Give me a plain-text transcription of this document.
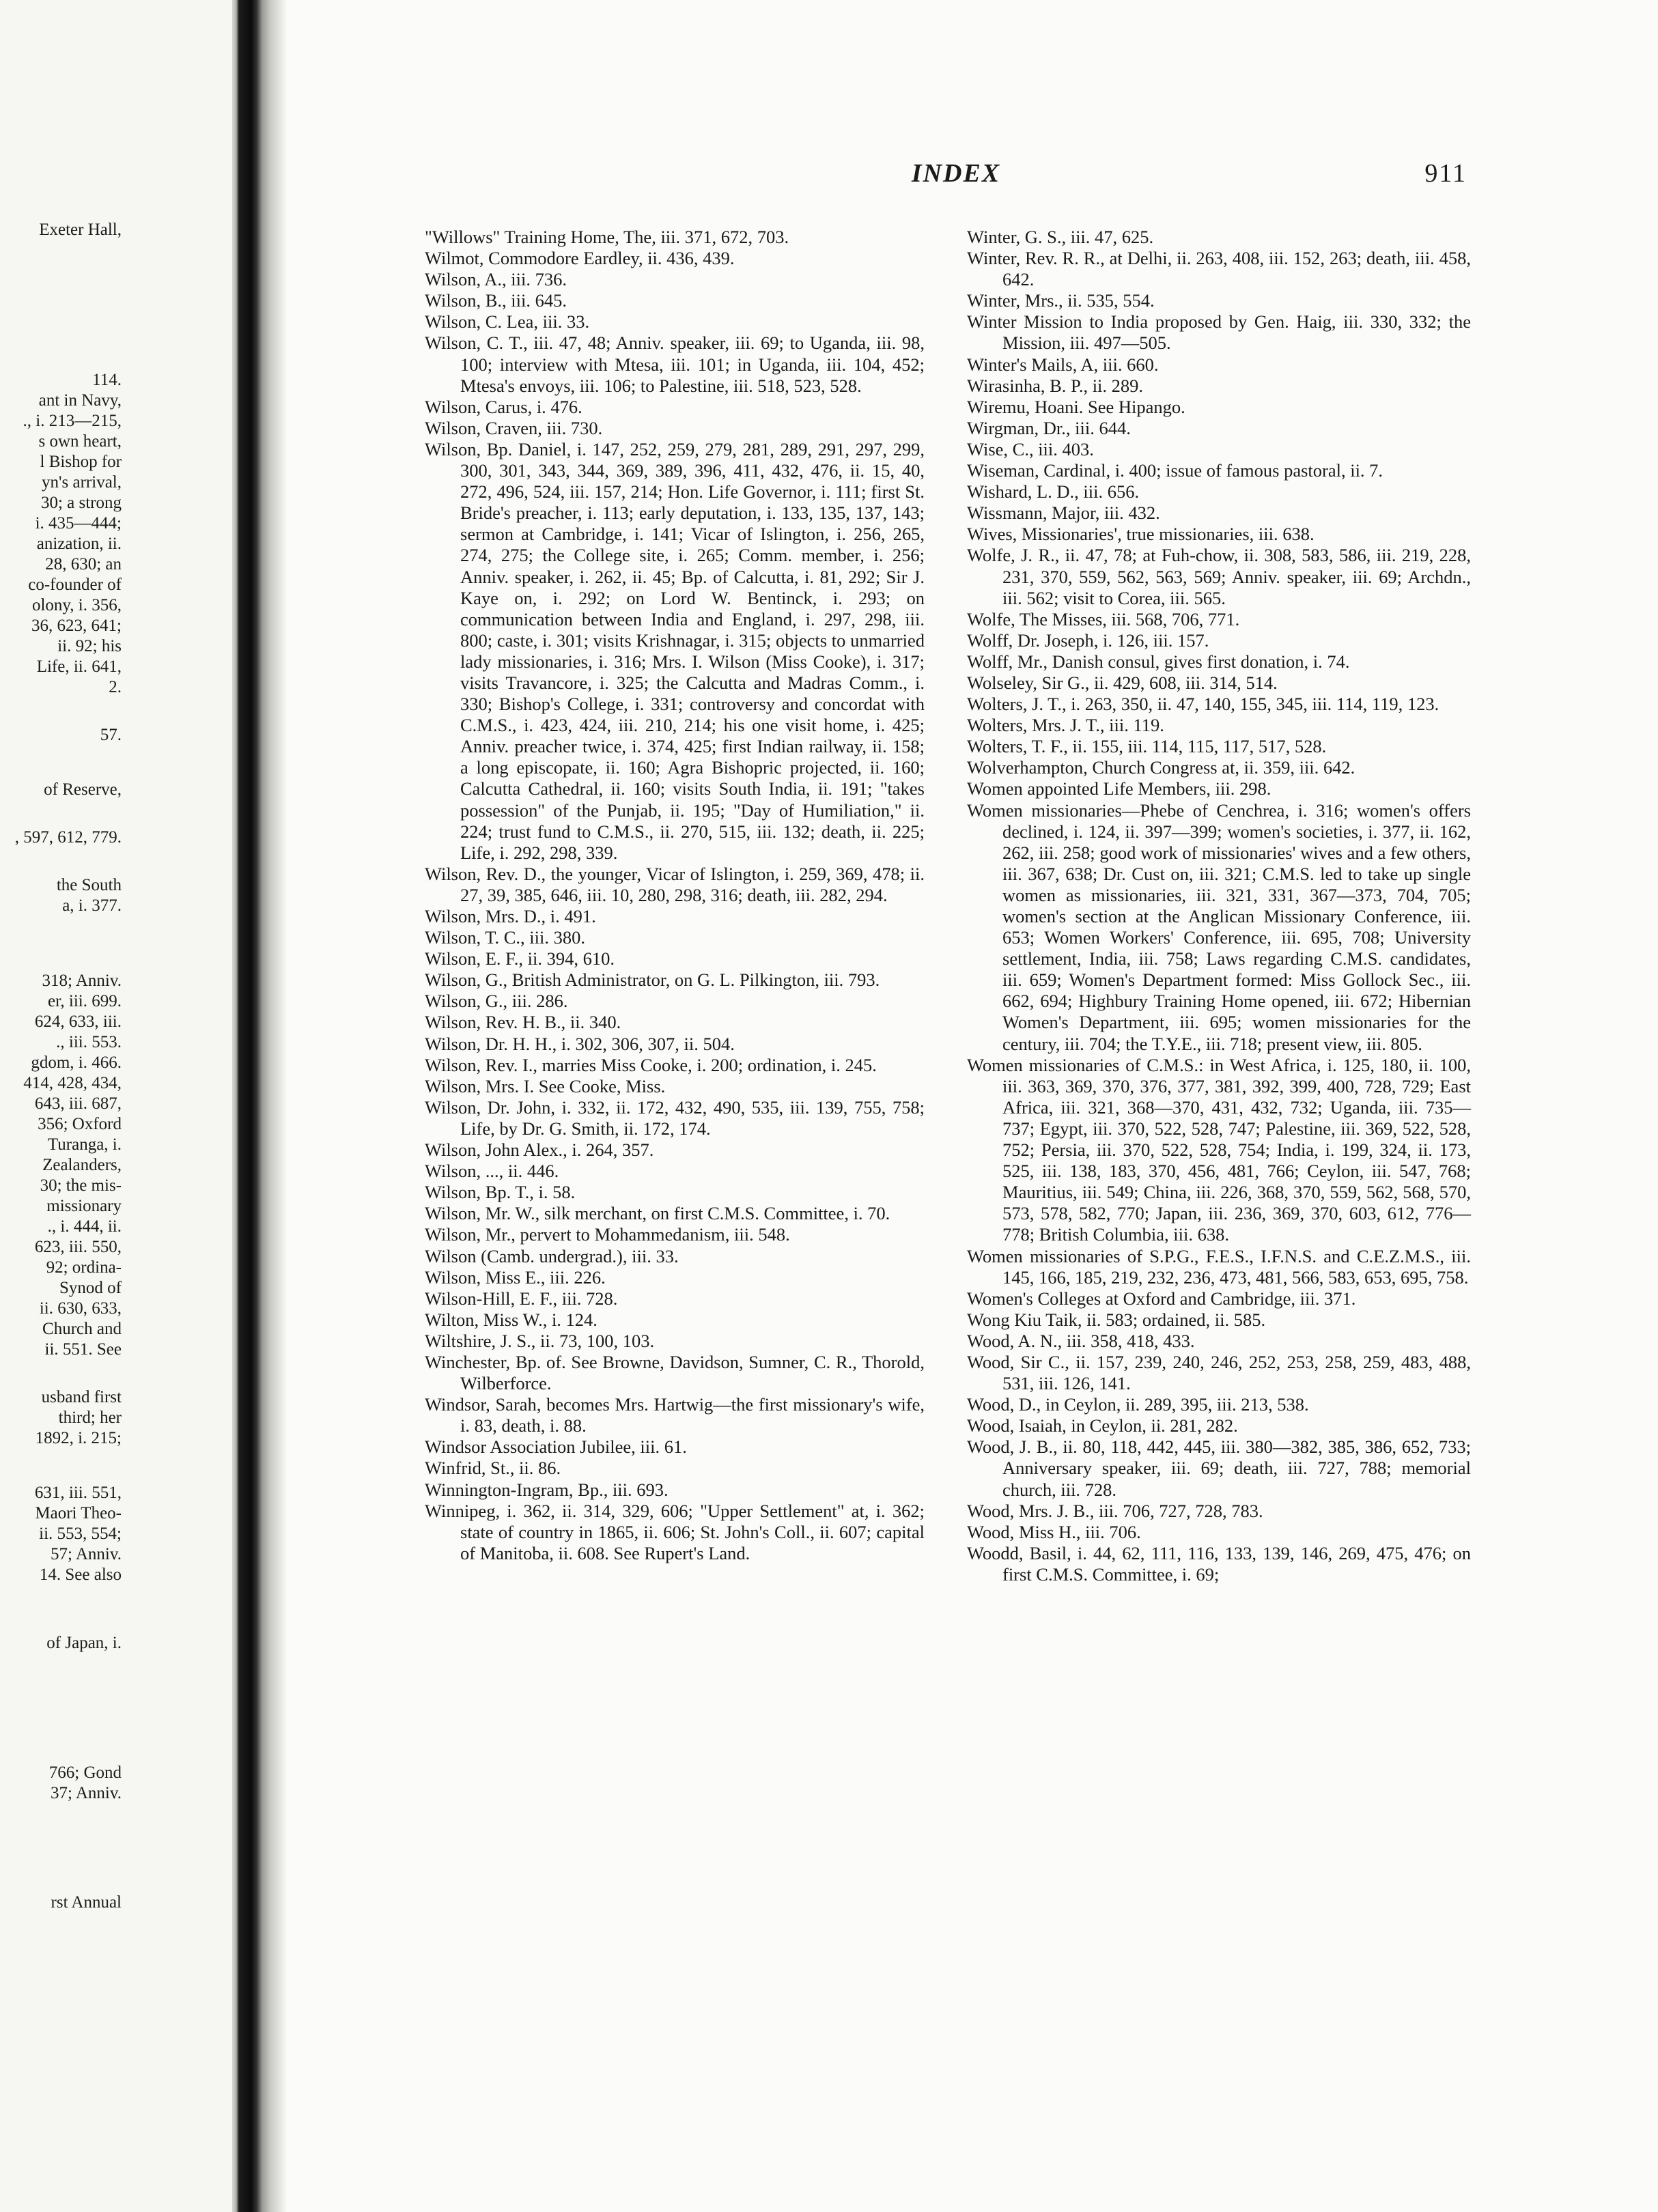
Exeter Hall,
114.
ant in Navy,
., i. 213—215,
s own heart,
l Bishop for
yn's arrival,
30; a strong
i. 435—444;
anization, ii.
28, 630; an
co-founder of
olony, i. 356,
36, 623, 641;
ii. 92; his
Life, ii. 641,
2.
57.
of Reserve,
, 597, 612, 779.
the South
a, i. 377.
318; Anniv.
er, iii. 699.
624, 633, iii.
., iii. 553.
gdom, i. 466.
414, 428, 434,
643, iii. 687,
356; Oxford
Turanga, i.
Zealanders,
30; the mis-
missionary
., i. 444, ii.
623, iii. 550,
92; ordina-
Synod of
ii. 630, 633,
Church and
ii. 551. See
usband first
third; her
1892, i. 215;
631, iii. 551,
Maori Theo-
ii. 553, 554;
57; Anniv.
14. See also
of Japan, i.
766; Gond
37; Anniv.
rst Annual
INDEX	911

"Willows" Training Home, The, iii. 371, 672, 703.

Wilmot, Commodore Eardley, ii. 436, 439.

Wilson, A., iii. 736.

Wilson, B., iii. 645.

Wilson, C. Lea, iii. 33.

Wilson, C. T., iii. 47, 48; Anniv. speaker, iii. 69; to Uganda, iii. 98, 100; interview with Mtesa, iii. 101; in Uganda, iii. 104, 452; Mtesa's envoys, iii. 106; to Palestine, iii. 518, 523, 528.

Wilson, Carus, i. 476.

Wilson, Craven, iii. 730.

Wilson, Bp. Daniel, i. 147, 252, 259, 279, 281, 289, 291, 297, 299, 300, 301, 343, 344, 369, 389, 396, 411, 432, 476, ii. 15, 40, 272, 496, 524, iii. 157, 214; Hon. Life Governor, i. 111; first St. Bride's preacher, i. 113; early deputation, i. 133, 135, 137, 143; sermon at Cambridge, i. 141; Vicar of Islington, i. 256, 265, 274, 275; the College site, i. 265; Comm. member, i. 256; Anniv. speaker, i. 262, ii. 45; Bp. of Calcutta, i. 81, 292; Sir J. Kaye on, i. 292; on Lord W. Bentinck, i. 293; on communication between India and England, i. 297, 298, iii. 800; caste, i. 301; visits Krishnagar, i. 315; objects to unmarried lady missionaries, i. 316; Mrs. I. Wilson (Miss Cooke), i. 317; visits Travancore, i. 325; the Calcutta and Madras Comm., i. 330; Bishop's College, i. 331; controversy and concordat with C.M.S., i. 423, 424, iii. 210, 214; his one visit home, i. 425; Anniv. preacher twice, i. 374, 425; first Indian railway, ii. 158; a long episcopate, ii. 160; Agra Bishopric projected, ii. 160; Calcutta Cathedral, ii. 160; visits South India, ii. 191; "takes possession" of the Punjab, ii. 195; "Day of Humiliation," ii. 224; trust fund to C.M.S., ii. 270, 515, iii. 132; death, ii. 225; Life, i. 292, 298, 339.

Wilson, Rev. D., the younger, Vicar of Islington, i. 259, 369, 478; ii. 27, 39, 385, 646, iii. 10, 280, 298, 316; death, iii. 282, 294.

Wilson, Mrs. D., i. 491.

Wilson, T. C., iii. 380.

Wilson, E. F., ii. 394, 610.

Wilson, G., British Administrator, on G. L. Pilkington, iii. 793.

Wilson, G., iii. 286.

Wilson, Rev. H. B., ii. 340.

Wilson, Dr. H. H., i. 302, 306, 307, ii. 504.

Wilson, Rev. I., marries Miss Cooke, i. 200; ordination, i. 245.

Wilson, Mrs. I. See Cooke, Miss.

Wilson, Dr. John, i. 332, ii. 172, 432, 490, 535, iii. 139, 755, 758; Life, by Dr. G. Smith, ii. 172, 174.

Wilson, John Alex., i. 264, 357.

Wilson, ..., ii. 446.

Wilson, Bp. T., i. 58.

Wilson, Mr. W., silk merchant, on first C.M.S. Committee, i. 70.

Wilson, Mr., pervert to Mohammedanism, iii. 548.

Wilson (Camb. undergrad.), iii. 33.

Wilson, Miss E., iii. 226.

Wilson-Hill, E. F., iii. 728.

Wilton, Miss W., i. 124.

Wiltshire, J. S., ii. 73, 100, 103.

Winchester, Bp. of. See Browne, Davidson, Sumner, C. R., Thorold, Wilberforce.

Windsor, Sarah, becomes Mrs. Hartwig—the first missionary's wife, i. 83, death, i. 88.

Windsor Association Jubilee, iii. 61.

Winfrid, St., ii. 86.

Winnington-Ingram, Bp., iii. 693.

Winnipeg, i. 362, ii. 314, 329, 606; "Upper Settlement" at, i. 362; state of country in 1865, ii. 606; St. John's Coll., ii. 607; capital of Manitoba, ii. 608. See Rupert's Land.

Winter, G. S., iii. 47, 625.

Winter, Rev. R. R., at Delhi, ii. 263, 408, iii. 152, 263; death, iii. 458, 642.

Winter, Mrs., ii. 535, 554.

Winter Mission to India proposed by Gen. Haig, iii. 330, 332; the Mission, iii. 497—505.

Winter's Mails, A, iii. 660.

Wirasinha, B. P., ii. 289.

Wiremu, Hoani. See Hipango.

Wirgman, Dr., iii. 644.

Wise, C., iii. 403.

Wiseman, Cardinal, i. 400; issue of famous pastoral, ii. 7.

Wishard, L. D., iii. 656.

Wissmann, Major, iii. 432.

Wives, Missionaries', true missionaries, iii. 638.

Wolfe, J. R., ii. 47, 78; at Fuh-chow, ii. 308, 583, 586, iii. 219, 228, 231, 370, 559, 562, 563, 569; Anniv. speaker, iii. 69; Archdn., iii. 562; visit to Corea, iii. 565.

Wolfe, The Misses, iii. 568, 706, 771.

Wolff, Dr. Joseph, i. 126, iii. 157.

Wolff, Mr., Danish consul, gives first donation, i. 74.

Wolseley, Sir G., ii. 429, 608, iii. 314, 514.

Wolters, J. T., i. 263, 350, ii. 47, 140, 155, 345, iii. 114, 119, 123.

Wolters, Mrs. J. T., iii. 119.

Wolters, T. F., ii. 155, iii. 114, 115, 117, 517, 528.

Wolverhampton, Church Congress at, ii. 359, iii. 642.

Women appointed Life Members, iii. 298.

Women missionaries—Phebe of Cenchrea, i. 316; women's offers declined, i. 124, ii. 397—399; women's societies, i. 377, ii. 162, 262, iii. 258; good work of missionaries' wives and a few others, iii. 367, 638; Dr. Cust on, iii. 321; C.M.S. led to take up single women as missionaries, iii. 321, 331, 367—373, 704, 705; women's section at the Anglican Missionary Conference, iii. 653; Women Workers' Conference, iii. 695, 708; University settlement, India, iii. 758; Laws regarding C.M.S. candidates, iii. 659; Women's Department formed: Miss Gollock Sec., iii. 662, 694; Highbury Training Home opened, iii. 672; Hibernian Women's Department, iii. 695; women missionaries for the century, iii. 704; the T.Y.E., iii. 718; present view, iii. 805.

Women missionaries of C.M.S.: in West Africa, i. 125, 180, ii. 100, iii. 363, 369, 370, 376, 377, 381, 392, 399, 400, 728, 729; East Africa, iii. 321, 368—370, 431, 432, 732; Uganda, iii. 735—737; Egypt, iii. 370, 522, 528, 747; Palestine, iii. 369, 522, 528, 752; Persia, iii. 370, 522, 528, 754; India, i. 199, 324, ii. 173, 525, iii. 138, 183, 370, 456, 481, 766; Ceylon, iii. 547, 768; Mauritius, iii. 549; China, iii. 226, 368, 370, 559, 562, 568, 570, 573, 578, 582, 770; Japan, iii. 236, 369, 370, 603, 612, 776—778; British Columbia, iii. 638.

Women missionaries of S.P.G., F.E.S., I.F.N.S. and C.E.Z.M.S., iii. 145, 166, 185, 219, 232, 236, 473, 481, 566, 583, 653, 695, 758.

Women's Colleges at Oxford and Cambridge, iii. 371.

Wong Kiu Taik, ii. 583; ordained, ii. 585.

Wood, A. N., iii. 358, 418, 433.

Wood, Sir C., ii. 157, 239, 240, 246, 252, 253, 258, 259, 483, 488, 531, iii. 126, 141.

Wood, D., in Ceylon, ii. 289, 395, iii. 213, 538.

Wood, Isaiah, in Ceylon, ii. 281, 282.

Wood, J. B., ii. 80, 118, 442, 445, iii. 380—382, 385, 386, 652, 733; Anniversary speaker, iii. 69; death, iii. 727, 788; memorial church, iii. 728.

Wood, Mrs. J. B., iii. 706, 727, 728, 783.

Wood, Miss H., iii. 706.

Woodd, Basil, i. 44, 62, 111, 116, 133, 139, 146, 269, 475, 476; on first C.M.S. Committee, i. 69;
